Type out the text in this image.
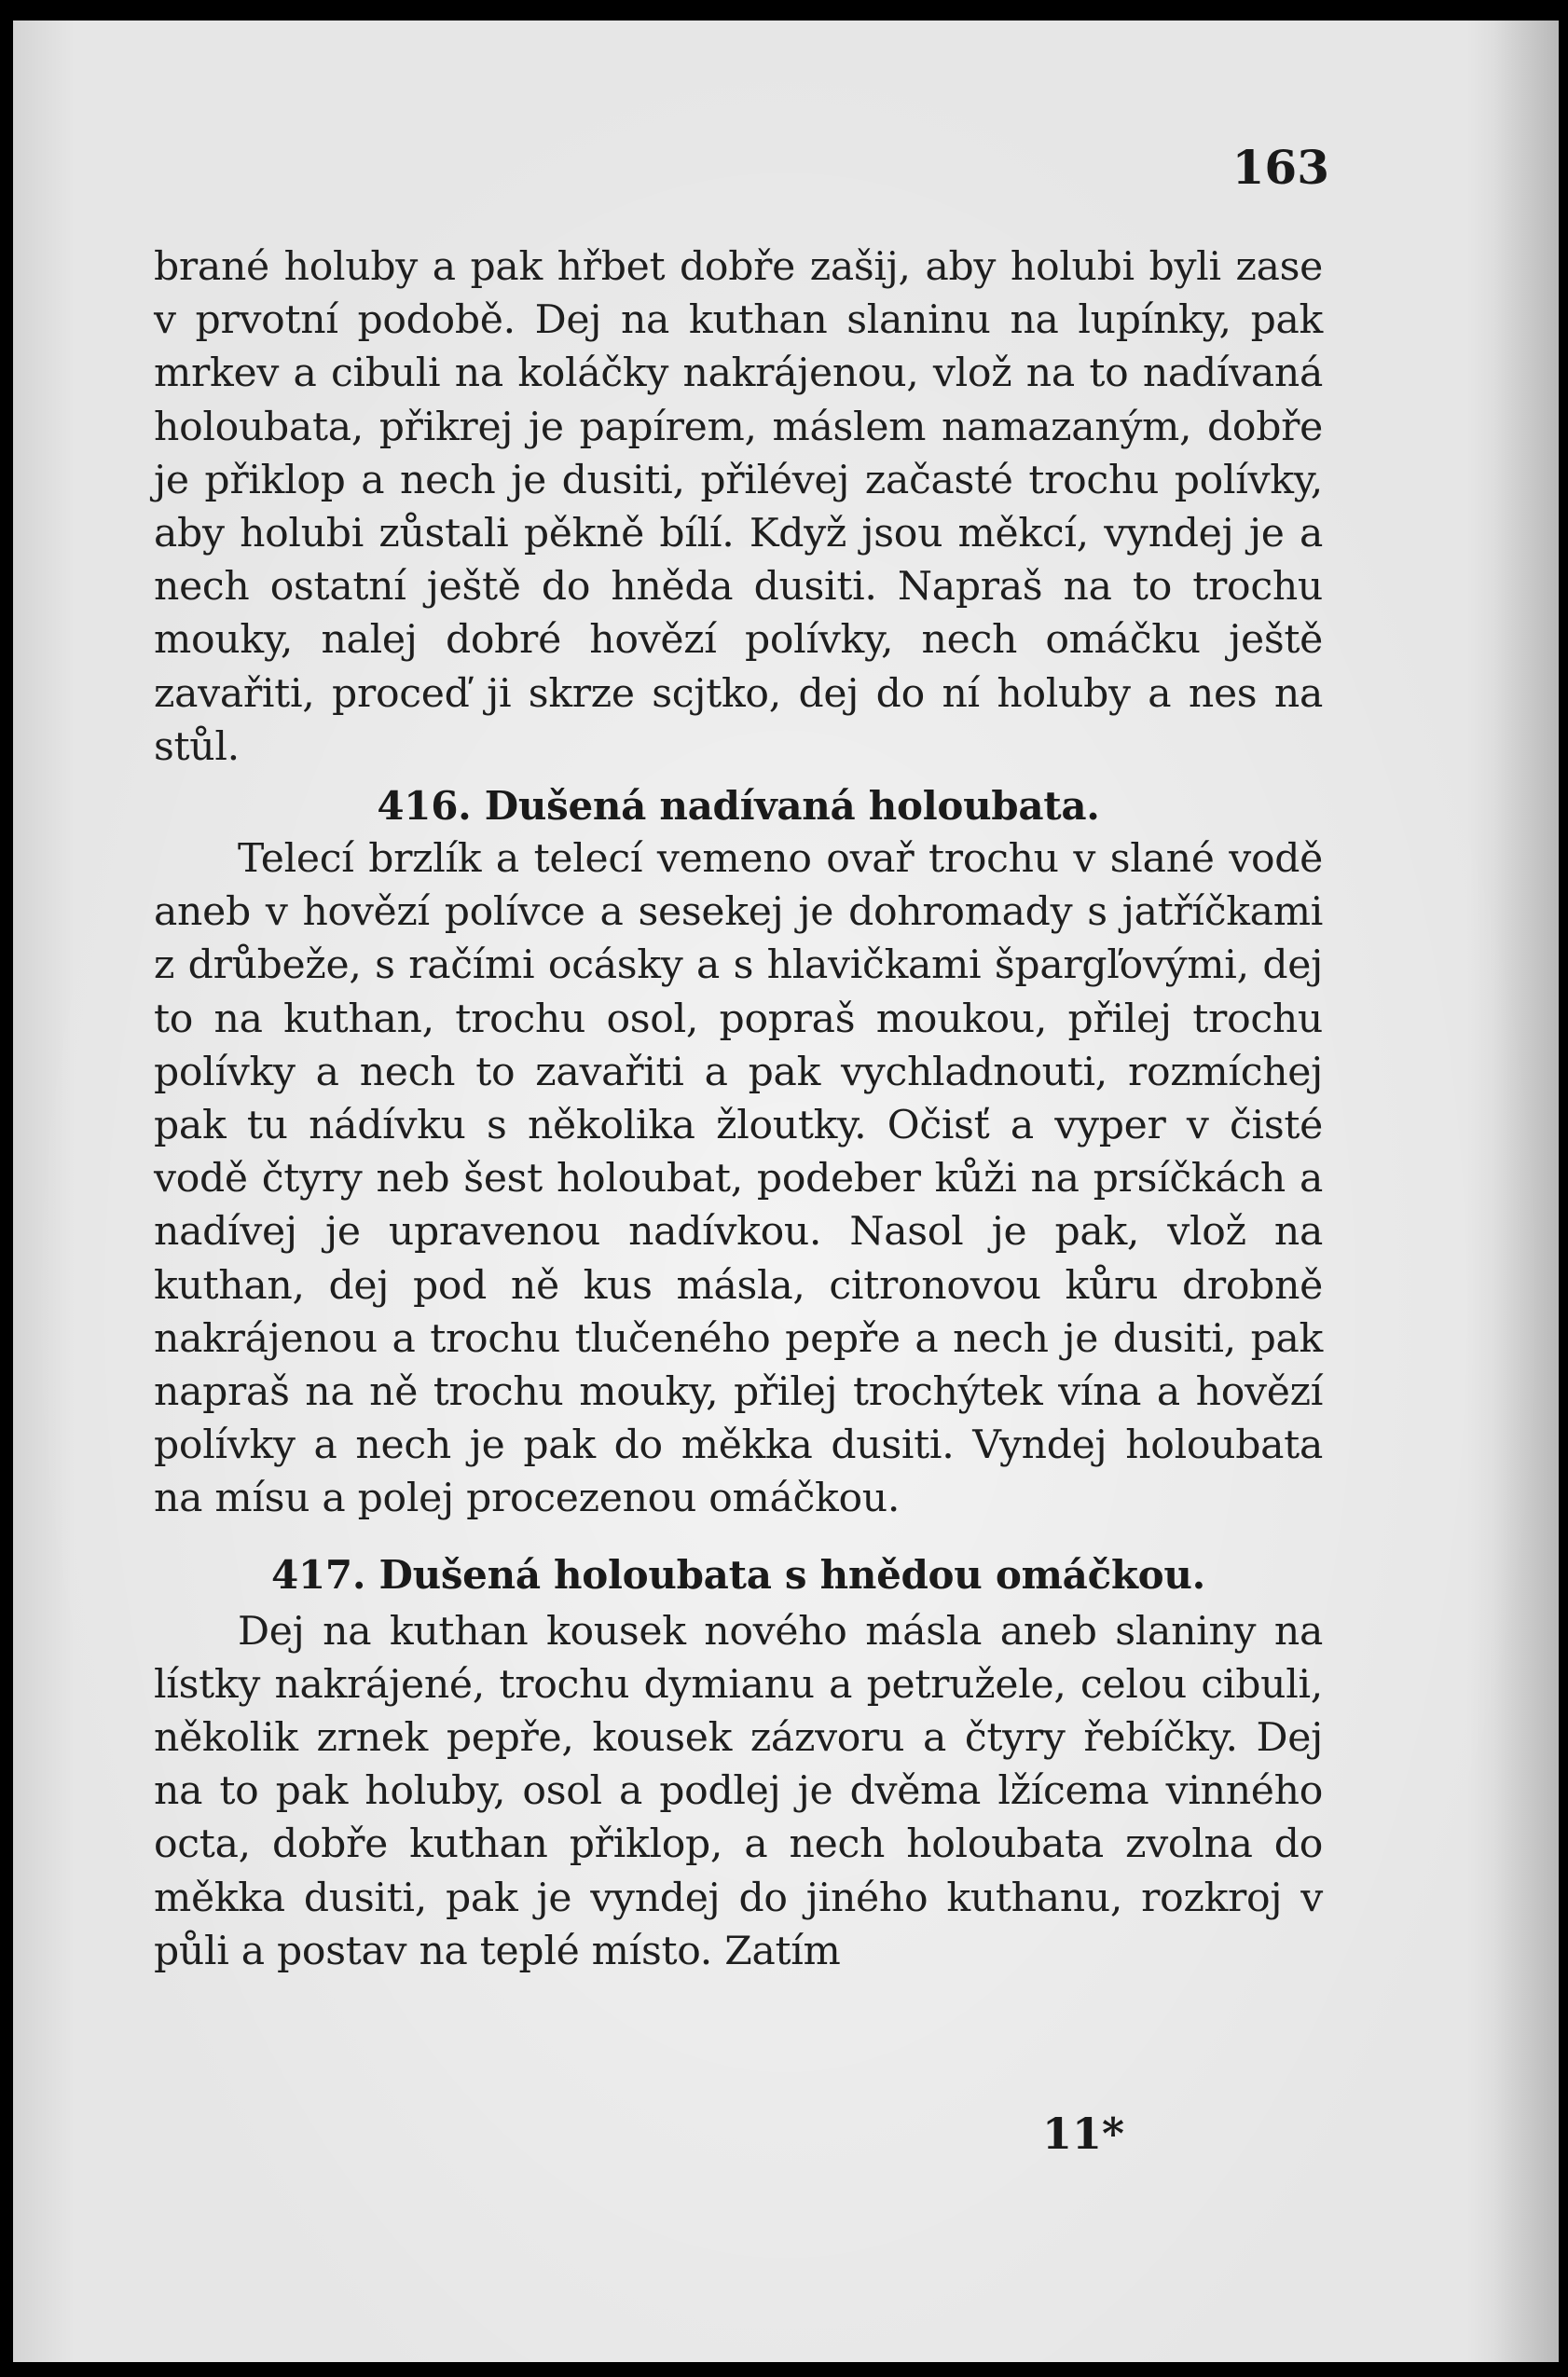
163

brané holuby a pak hřbet dobře zašij, aby holubi byli zase v prvotní podobě. Dej na kuthan slaninu na lupínky, pak mrkev a cibuli na koláčky nakrájenou, vlož na to nadívaná holoubata, přikrej je papírem, máslem namazaným, dobře je přiklop a nech je dusiti, přilévej začasté trochu polívky, aby holubi zůstali pěkně bílí. Když jsou měkcí, vyndej je a nech ostatní ještě do hněda dusiti. Napraš na to trochu mouky, nalej dobré hovězí polívky, nech omáčku ještě zavařiti, proceď ji skrze scjtko, dej do ní holuby a nes na stůl.

416. Dušená nadívaná holoubata.

Telecí brzlík a telecí vemeno ovař trochu v slané vodě aneb v hovězí polívce a sesekej je dohromady s jatříčkami z drůbeže, s račími ocásky a s hlavičkami špargľovými, dej to na kuthan, trochu osol, popraš moukou, přilej trochu polívky a nech to zavařiti a pak vychladnouti, rozmíchej pak tu nádívku s několika žloutky. Očisť a vyper v čisté vodě čtyry neb šest holoubat, podeber kůži na prsíčkách a nadívej je upravenou nadívkou. Nasol je pak, vlož na kuthan, dej pod ně kus másla, citronovou kůru drobně nakrájenou a trochu tlučeného pepře a nech je dusiti, pak napraš na ně trochu mouky, přilej trochýtek vína a hovězí polívky a nech je pak do měkka dusiti. Vyndej holoubata na mísu a polej procezenou omáčkou.

417. Dušená holoubata s hnědou omáčkou.

Dej na kuthan kousek nového másla aneb slaniny na lístky nakrájené, trochu dymianu a petružele, celou cibuli, několik zrnek pepře, kousek zázvoru a čtyry řebíčky. Dej na to pak holuby, osol a podlej je dvěma lžícema vinného octa, dobře kuthan přiklop, a nech holoubata zvolna do měkka dusiti, pak je vyndej do jiného kuthanu, rozkroj v půli a postav na teplé místo. Zatím

11*
